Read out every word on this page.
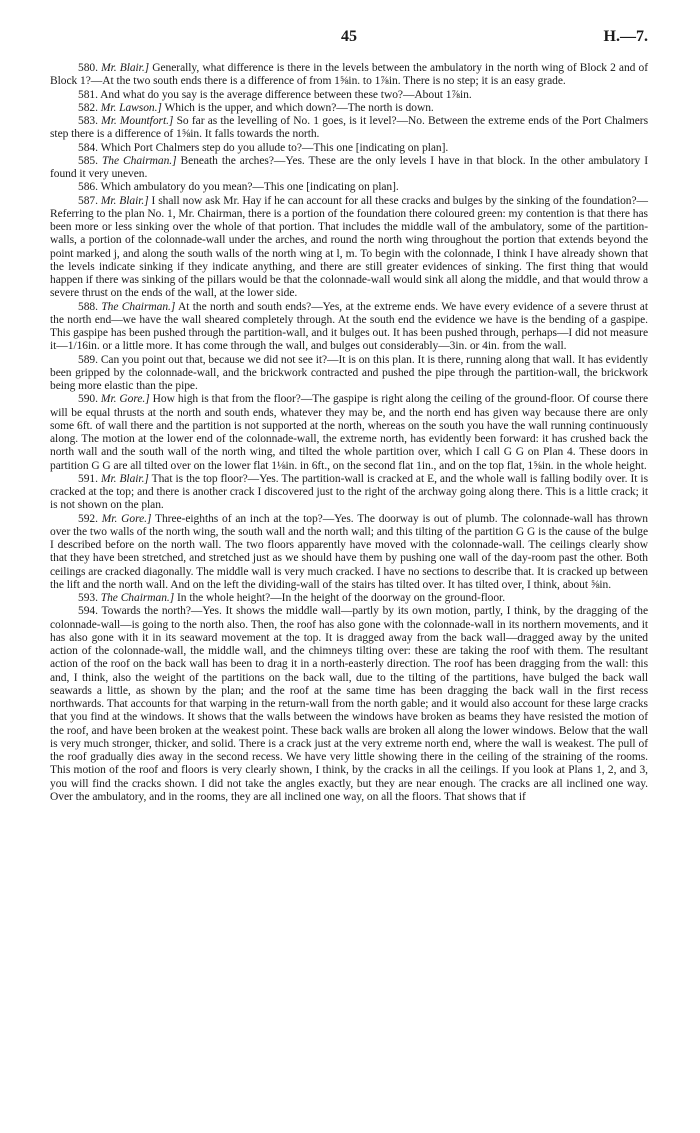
45	H.—7.

580. Mr. Blair.] Generally, what difference is there in the levels between the ambulatory in the north wing of Block 2 and of Block 1?—At the two south ends there is a difference of from 1⅝in. to 1⅞in. There is no step; it is an easy grade.

581. And what do you say is the average difference between these two?—About 1⅞in.

582. Mr. Lawson.] Which is the upper, and which down?—The north is down.

583. Mr. Mountfort.] So far as the levelling of No. 1 goes, is it level?—No. Between the extreme ends of the Port Chalmers step there is a difference of 1⅝in. It falls towards the north.

584. Which Port Chalmers step do you allude to?—This one [indicating on plan].

585. The Chairman.] Beneath the arches?—Yes. These are the only levels I have in that block. In the other ambulatory I found it very uneven.

586. Which ambulatory do you mean?—This one [indicating on plan].

587. Mr. Blair.] I shall now ask Mr. Hay if he can account for all these cracks and bulges by the sinking of the foundation?—Referring to the plan No. 1, Mr. Chairman, there is a portion of the foundation there coloured green: my contention is that there has been more or less sinking over the whole of that portion. That includes the middle wall of the ambulatory, some of the partition-walls, a portion of the colonnade-wall under the arches, and round the north wing throughout the portion that extends beyond the point marked j, and along the south walls of the north wing at l, m. To begin with the colonnade, I think I have already shown that the levels indicate sinking if they indicate anything, and there are still greater evidences of sinking. The first thing that would happen if there was sinking of the pillars would be that the colonnade-wall would sink all along the middle, and that would throw a severe thrust on the ends of the wall, at the lower side.

588. The Chairman.] At the north and south ends?—Yes, at the extreme ends. We have every evidence of a severe thrust at the north end—we have the wall sheared completely through. At the south end the evidence we have is the bending of a gaspipe. This gaspipe has been pushed through the partition-wall, and it bulges out. It has been pushed through, perhaps—I did not measure it—1/16in. or a little more. It has come through the wall, and bulges out considerably—3in. or 4in. from the wall.

589. Can you point out that, because we did not see it?—It is on this plan. It is there, running along that wall. It has evidently been gripped by the colonnade-wall, and the brickwork contracted and pushed the pipe through the partition-wall, the brickwork being more elastic than the pipe.

590. Mr. Gore.] How high is that from the floor?—The gaspipe is right along the ceiling of the ground-floor. Of course there will be equal thrusts at the north and south ends, whatever they may be, and the north end has given way because there are only some 6ft. of wall there and the partition is not supported at the north, whereas on the south you have the wall running continuously along. The motion at the lower end of the colonnade-wall, the extreme north, has evidently been forward: it has crushed back the north wall and the south wall of the north wing, and tilted the whole partition over, which I call G G on Plan 4. These doors in partition G G are all tilted over on the lower flat 1⅛in. in 6ft., on the second flat 1in., and on the top flat, 1⅝in. in the whole height.

591. Mr. Blair.] That is the top floor?—Yes. The partition-wall is cracked at E, and the whole wall is falling bodily over. It is cracked at the top; and there is another crack I discovered just to the right of the archway going along there. This is a little crack; it is not shown on the plan.

592. Mr. Gore.] Three-eighths of an inch at the top?—Yes. The doorway is out of plumb. The colonnade-wall has thrown over the two walls of the north wing, the south wall and the north wall; and this tilting of the partition G G is the cause of the bulge I described before on the north wall. The two floors apparently have moved with the colonnade-wall. The ceilings clearly show that they have been stretched, and stretched just as we should have them by pushing one wall of the day-room past the other. Both ceilings are cracked diagonally. The middle wall is very much cracked. I have no sections to describe that. It is cracked up between the lift and the north wall. And on the left the dividing-wall of the stairs has tilted over. It has tilted over, I think, about ⅝in.

593. The Chairman.] In the whole height?—In the height of the doorway on the ground-floor.

594. Towards the north?—Yes. It shows the middle wall—partly by its own motion, partly, I think, by the dragging of the colonnade-wall—is going to the north also. Then, the roof has also gone with the colonnade-wall in its northern movements, and it has also gone with it in its seaward movement at the top. It is dragged away from the back wall—dragged away by the united action of the colonnade-wall, the middle wall, and the chimneys tilting over: these are taking the roof with them. The resultant action of the roof on the back wall has been to drag it in a north-easterly direction. The roof has been dragging from the wall: this and, I think, also the weight of the partitions on the back wall, due to the tilting of the partitions, have bulged the back wall seawards a little, as shown by the plan; and the roof at the same time has been dragging the back wall in the first recess northwards. That accounts for that warping in the return-wall from the north gable; and it would also account for these large cracks that you find at the windows. It shows that the walls between the windows have broken as beams they have resisted the motion of the roof, and have been broken at the weakest point. These back walls are broken all along the lower windows. Below that the wall is very much stronger, thicker, and solid. There is a crack just at the very extreme north end, where the wall is weakest. The pull of the roof gradually dies away in the second recess. We have very little showing there in the ceiling of the straining of the rooms. This motion of the roof and floors is very clearly shown, I think, by the cracks in all the ceilings. If you look at Plans 1, 2, and 3, you will find the cracks shown. I did not take the angles exactly, but they are near enough. The cracks are all inclined one way. Over the ambulatory, and in the rooms, they are all inclined one way, on all the floors. That shows that if
